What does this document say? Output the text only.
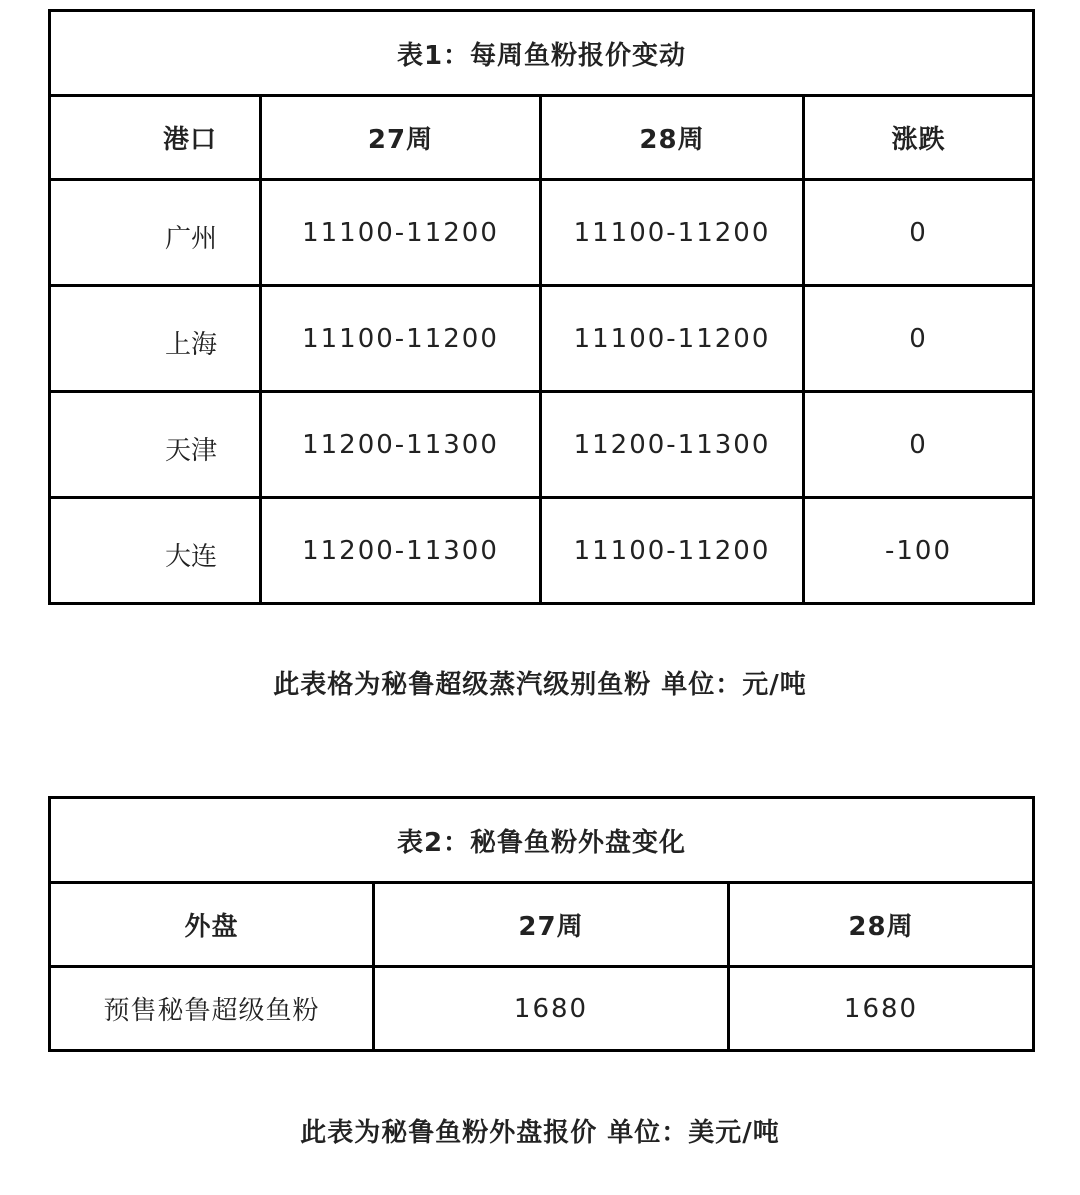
表1：每周鱼粉报价变动			
港口	27周	28周	涨跌
广州	11100-11200	11100-11200	0
上海	11100-11200	11100-11200	0
天津	11200-11300	11200-11300	0
大连	11200-11300	11100-11200	-100

此表格为秘鲁超级蒸汽级别鱼粉 单位：元/吨

表2：秘鲁鱼粉外盘变化		
外盘	27周	28周
预售秘鲁超级鱼粉	1680	1680

此表为秘鲁鱼粉外盘报价 单位：美元/吨
